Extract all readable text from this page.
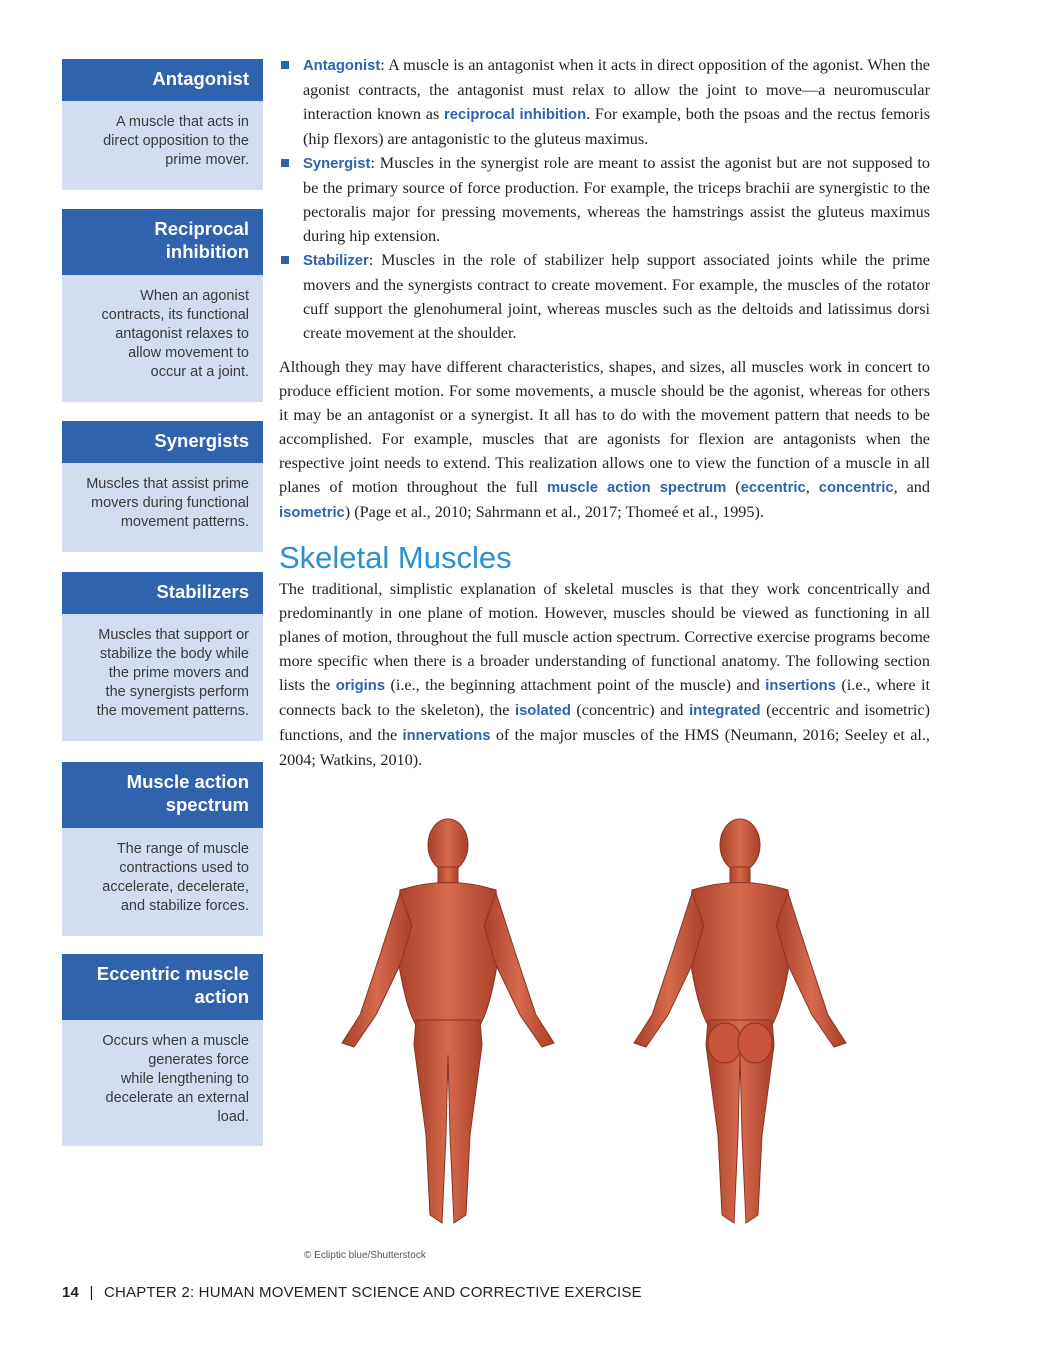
Antagonist
A muscle that acts in
direct opposition to the
prime mover.
Reciprocal
inhibition
When an agonist
contracts, its functional
antagonist relaxes to
allow movement to
occur at a joint.
Synergists
Muscles that assist prime
movers during functional
movement patterns.
Stabilizers
Muscles that support or
stabilize the body while
the prime movers and
the synergists perform
the movement patterns.
Muscle action
spectrum
The range of muscle
contractions used to
accelerate, decelerate,
and stabilize forces.
Eccentric muscle
action
Occurs when a muscle
generates force
while lengthening to
decelerate an external
load.
Antagonist: A muscle is an antagonist when it acts in direct opposition of the agonist. When the agonist contracts, the antagonist must relax to allow the joint to move—a neuromuscular interaction known as reciprocal inhibition. For example, both the psoas and the rectus femoris (hip flexors) are antagonistic to the gluteus maximus.
Synergist: Muscles in the synergist role are meant to assist the agonist but are not supposed to be the primary source of force production. For example, the triceps brachii are synergistic to the pectoralis major for pressing movements, whereas the hamstrings assist the gluteus maximus during hip extension.
Stabilizer: Muscles in the role of stabilizer help support associated joints while the prime movers and the synergists contract to create movement. For example, the muscles of the rotator cuff support the glenohumeral joint, whereas muscles such as the deltoids and latissimus dorsi create movement at the shoulder.

Although they may have different characteristics, shapes, and sizes, all muscles work in concert to produce efficient motion. For some movements, a muscle should be the agonist, whereas for others it may be an antagonist or a synergist. It all has to do with the movement pattern that needs to be accomplished. For example, muscles that are agonists for flexion are antagonists when the respective joint needs to extend. This realization allows one to view the function of a muscle in all planes of motion throughout the full muscle action spectrum (eccentric, concentric, and isometric) (Page et al., 2010; Sahrmann et al., 2017; Thomeé et al., 1995).

Skeletal Muscles

The traditional, simplistic explanation of skeletal muscles is that they work concentrically and predominantly in one plane of motion. However, muscles should be viewed as functioning in all planes of motion, throughout the full muscle action spectrum. Corrective exercise programs become more specific when there is a broader understanding of functional anatomy. The following section lists the origins (i.e., the beginning attachment point of the muscle) and insertions (i.e., where it connects back to the skeleton), the isolated (concentric) and integrated (eccentric and isometric) functions, and the innervations of the major muscles of the HMS (Neumann, 2016; Seeley et al., 2004; Watkins, 2010).

© Ecliptic blue/Shutterstock
14 | CHAPTER 2: HUMAN MOVEMENT SCIENCE AND CORRECTIVE EXERCISE
